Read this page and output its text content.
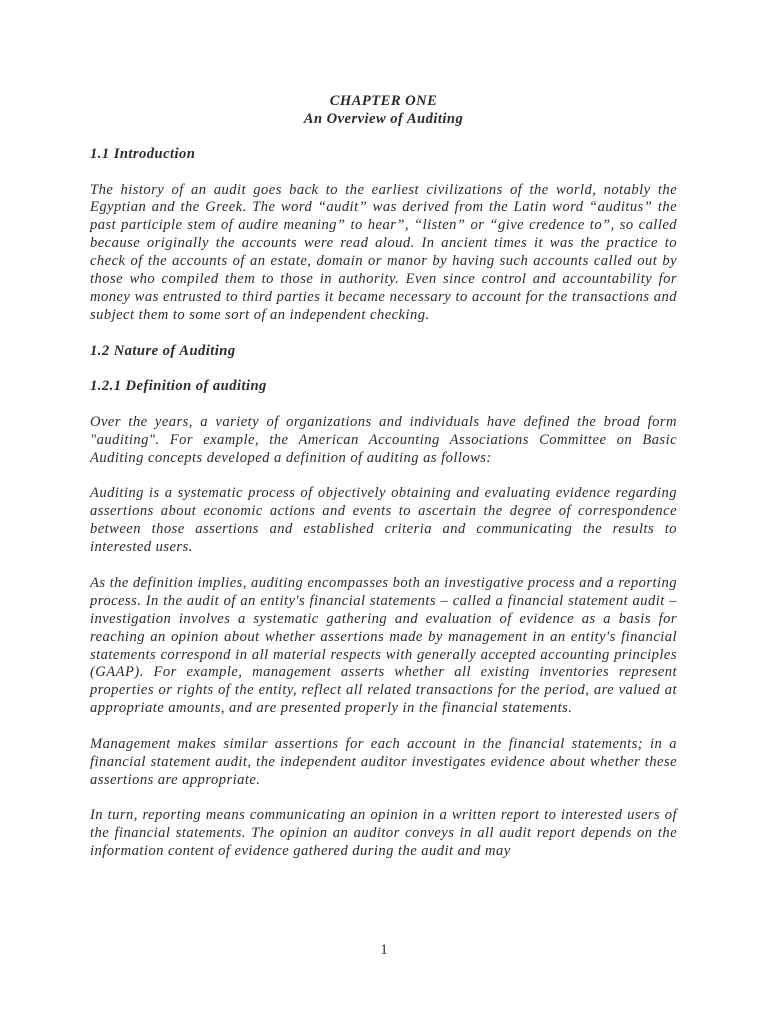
CHAPTER ONE
An Overview of Auditing
1.1 Introduction
The history of an audit goes back to the earliest civilizations of the world, notably the Egyptian and the Greek. The word “audit” was derived from the Latin word “auditus” the past participle stem of audire meaning” to hear”, “listen” or “give credence to”, so called because originally the accounts were read aloud. In ancient times it was the practice to check of the accounts of an estate, domain or manor by having such accounts called out by those who compiled them to those in authority. Even since control and accountability for money was entrusted to third parties it became necessary to account for the transactions and subject them to some sort of an independent checking.
1.2 Nature of Auditing
1.2.1 Definition of auditing
Over the years, a variety of organizations and individuals have defined the broad form "auditing". For example, the American Accounting Associations Committee on Basic Auditing concepts developed a definition of auditing as follows:
Auditing is a systematic process of objectively obtaining and evaluating evidence regarding assertions about economic actions and events to ascertain the degree of correspondence between those assertions and established criteria and communicating the results to interested users.
As the definition implies, auditing encompasses both an investigative process and a reporting process. In the audit of an entity's financial statements – called a financial statement audit – investigation involves a systematic gathering and evaluation of evidence as a basis for reaching an opinion about whether assertions made by management in an entity's financial statements correspond in all material respects with generally accepted accounting principles (GAAP). For example, management asserts whether all existing inventories represent properties or rights of the entity, reflect all related transactions for the period, are valued at appropriate amounts, and are presented properly in the financial statements.
Management makes similar assertions for each account in the financial statements; in a financial statement audit, the independent auditor investigates evidence about whether these assertions are appropriate.
In turn, reporting means communicating an opinion in a written report to interested users of the financial statements. The opinion an auditor conveys in all audit report depends on the information content of evidence gathered during the audit and may
1
